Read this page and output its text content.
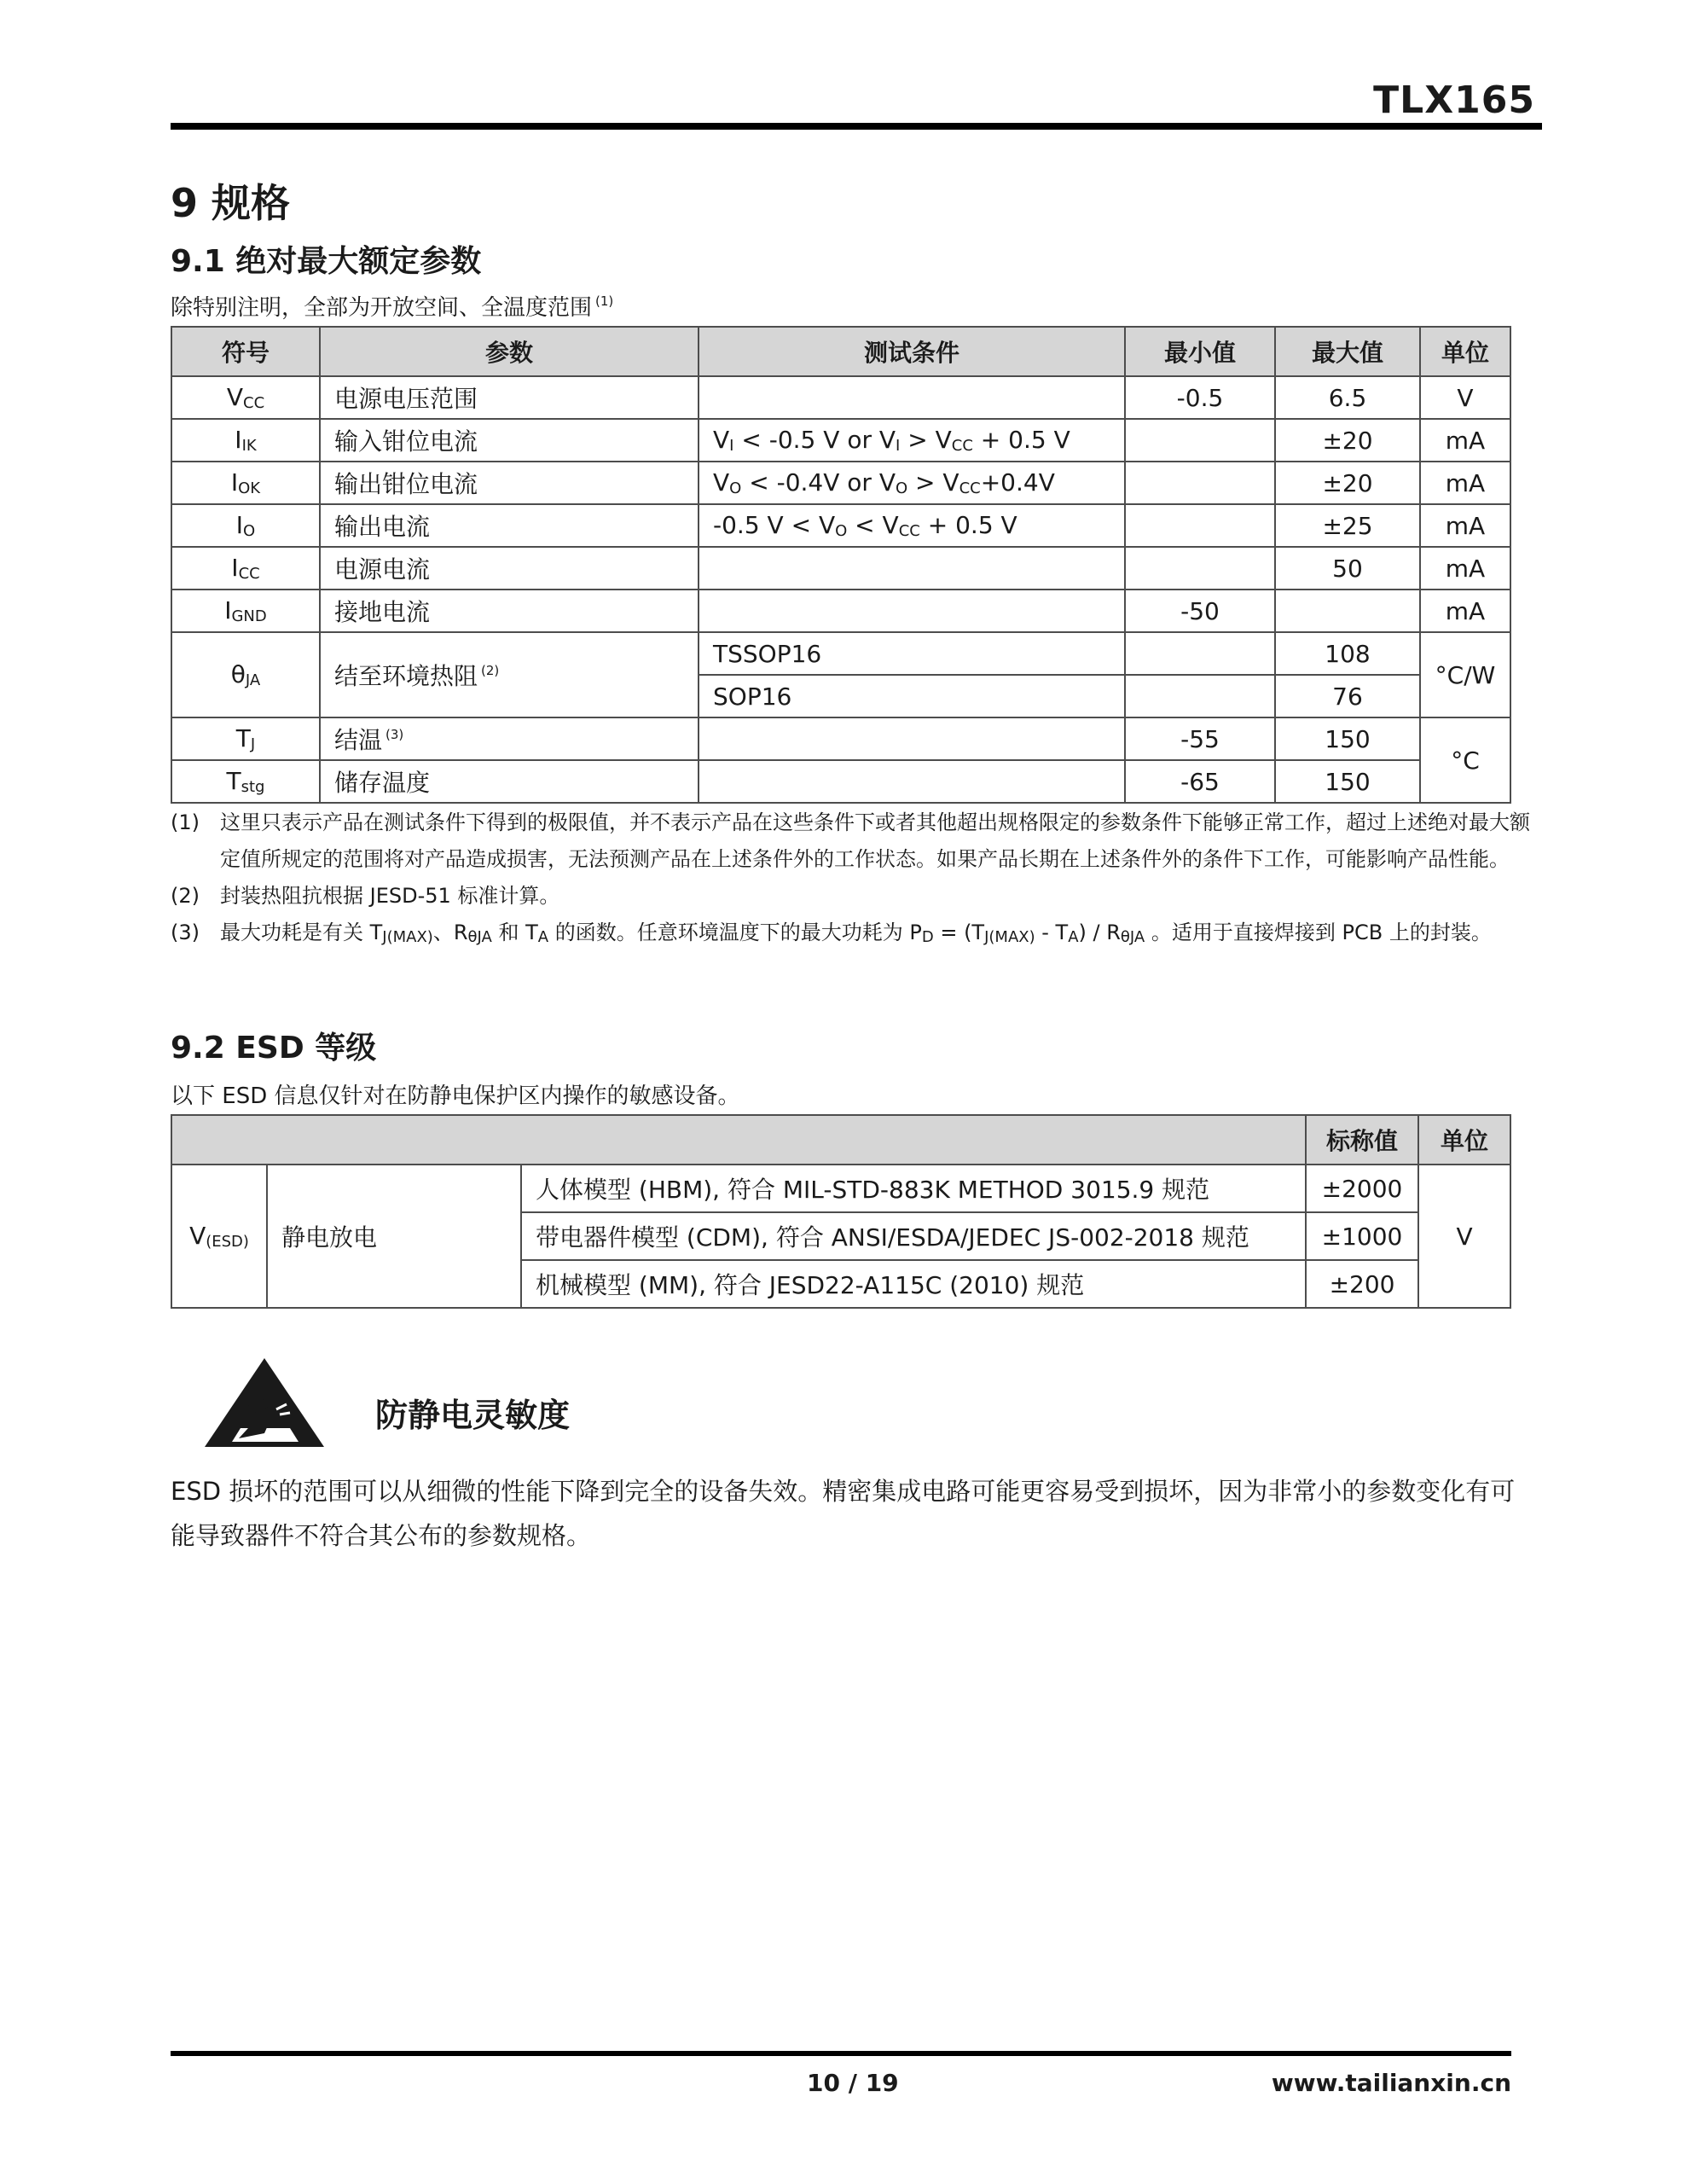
TLX165
9 规格
9.1 绝对最大额定参数
除特别注明，全部为开放空间、全温度范围 $^{(1)}$
符号	参数	测试条件	最小值	最大值	单位
$V_{CC}$	电源电压范围		-0.5	6.5	V
$I_{IK}$	输入钳位电流	$V_I < -0.5$ V or $V_I > V_{CC} + 0.5$ V		±20	mA
$I_{OK}$	输出钳位电流	$V_O < -0.4V$ or $V_O > V_{CC}+0.4V$		±20	mA
$I_O$	输出电流	-0.5 $V < V_O < V_{CC} + 0.5$ V		±25	mA
$I_{CC}$	电源电流			50	mA
$I_{GND}$	接地电流		-50		mA
$\theta_{JA}$	结至环境热阻 $^{(2)}$	TSSOP16		108	°C/W
		SOP16		76	
$T_J$	结温 $^{(3)}$		-55	150	°C
$T_{stg}$	储存温度		-65	150	
(1)	这里只表示产品在测试条件下得到的极限值，并不表示产品在这些条件下或者其他超出规格限定的参数条件下能够正常工作，超过上述绝对最大额定值所规定的范围将对产品造成损害，无法预测产品在上述条件外的工作状态。如果产品长期在上述条件外的条件下工作，可能影响产品性能。
(2)	封装热阻抗根据 JESD-51 标准计算。
(3)	最大功耗是有关 $T_{J(MAX)}$、$R_{\theta JA}$ 和 $T_A$ 的函数。任意环境温度下的最大功耗为 $P_D = (T_{J(MAX)} - T_A) / R_{\theta JA}$ 。适用于直接焊接到 PCB 上的封装。
9.2 ESD 等级
以下 ESD 信息仅针对在防静电保护区内操作的敏感设备。
			标称值	单位
$V_{(ESD)}$	静电放电	人体模型 (HBM), 符合 MIL-STD-883K METHOD 3015.9 规范	±2000	V
		带电器件模型 (CDM), 符合 ANSI/ESDA/JEDEC JS-002-2018 规范	±1000	
		机械模型 (MM), 符合 JESD22-A115C (2010) 规范	±200	
防静电灵敏度
ESD 损坏的范围可以从细微的性能下降到完全的设备失效。精密集成电路可能更容易受到损坏，因为非常小的参数变化有可能导致器件不符合其公布的参数规格。
10 / 19	www.tailianxin.cn
